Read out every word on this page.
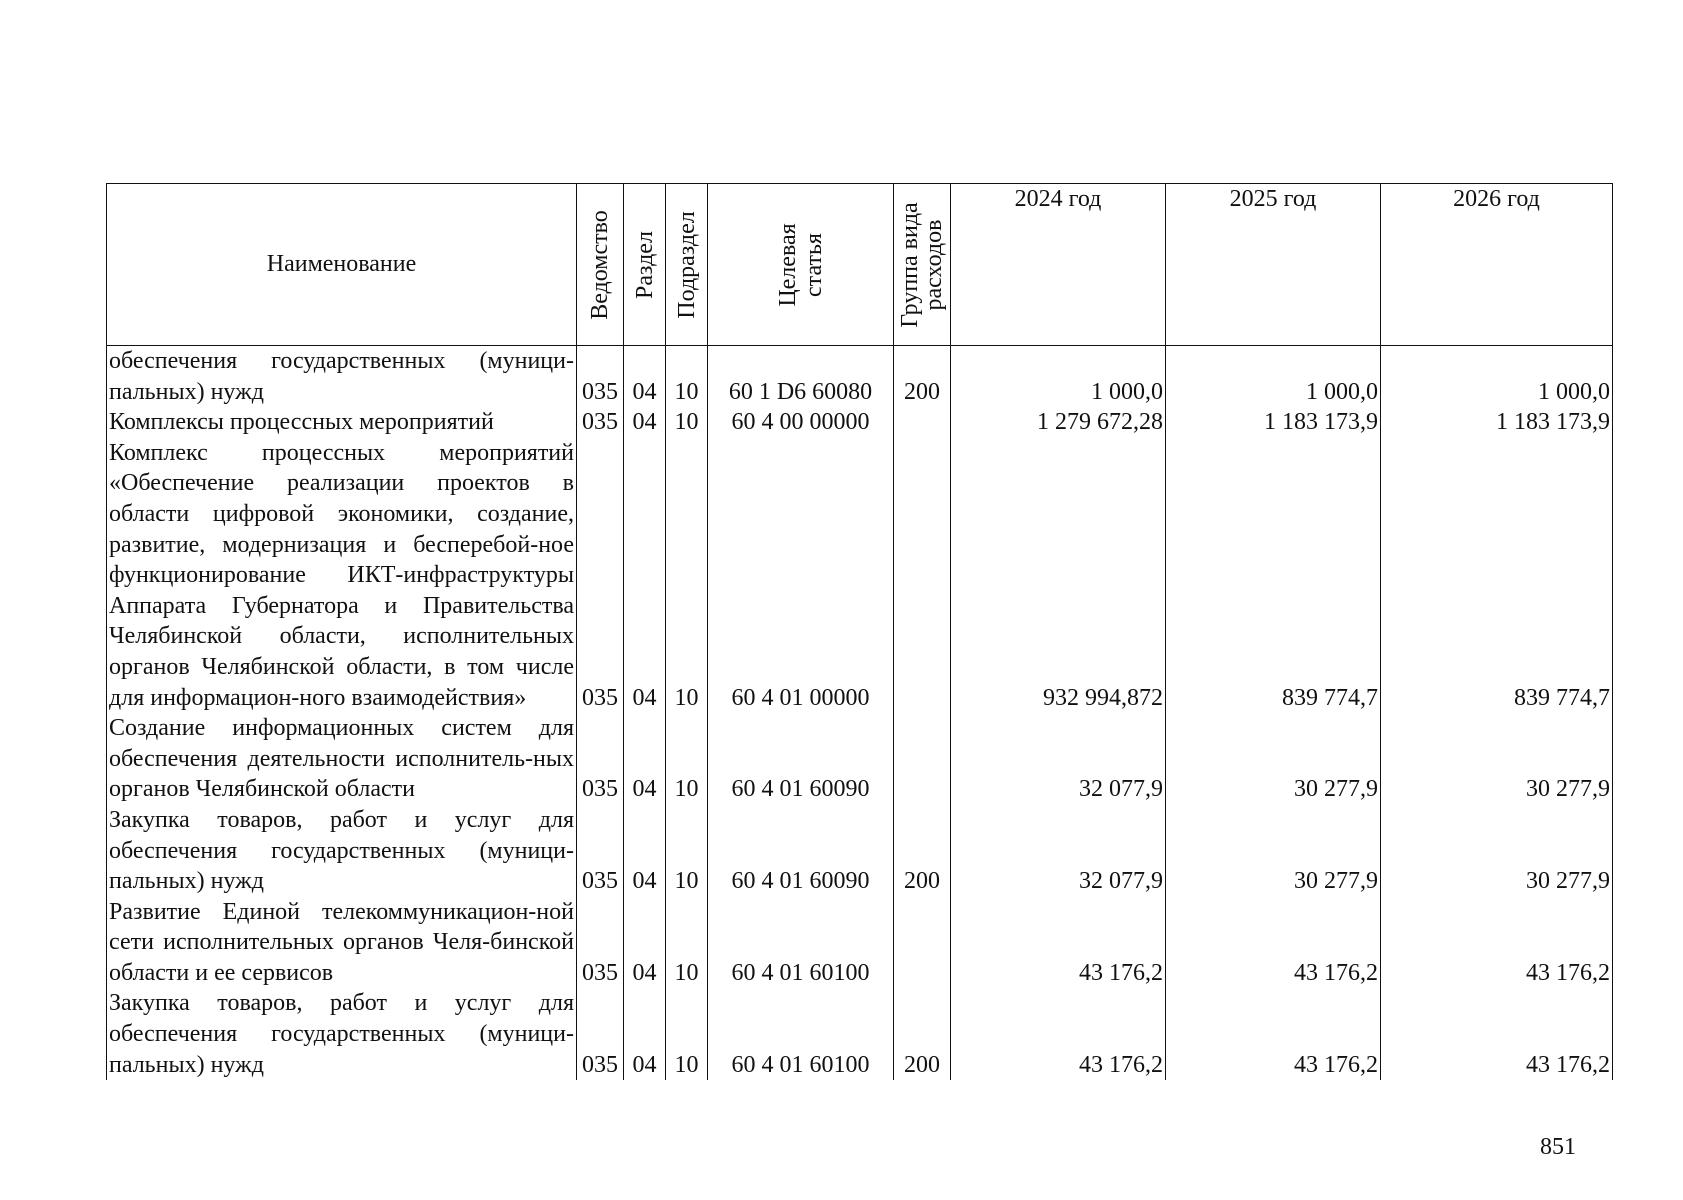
Наименование	Ведомство	Раздел	Подраздел	Целевая статья	Группа вида расходов	2024 год	2025 год	2026 год
обеспечения государственных (муници-пальных) нужд	035	04	10	60 1 D6 60080	200	1 000,0	1 000,0	1 000,0
Комплексы процессных мероприятий	035	04	10	60 4 00 00000		1 279 672,28	1 183 173,9	1 183 173,9
Комплекс процессных мероприятий «Обеспечение реализации проектов в области цифровой экономики, создание, развитие, модернизация и бесперебой-ное функционирование ИКТ-инфраструктуры Аппарата Губернатора и Правительства Челябинской области, исполнительных органов Челябинской области, в том числе для информацион-ного взаимодействия»	035	04	10	60 4 01 00000		932 994,872	839 774,7	839 774,7
Создание информационных систем для обеспечения деятельности исполнитель-ных органов Челябинской области	035	04	10	60 4 01 60090		32 077,9	30 277,9	30 277,9
Закупка товаров, работ и услуг для обеспечения государственных (муници-пальных) нужд	035	04	10	60 4 01 60090	200	32 077,9	30 277,9	30 277,9
Развитие Единой телекоммуникацион-ной сети исполнительных органов Челя-бинской области и ее сервисов	035	04	10	60 4 01 60100		43 176,2	43 176,2	43 176,2
Закупка товаров, работ и услуг для обеспечения государственных (муници-пальных) нужд	035	04	10	60 4 01 60100	200	43 176,2	43 176,2	43 176,2
851
